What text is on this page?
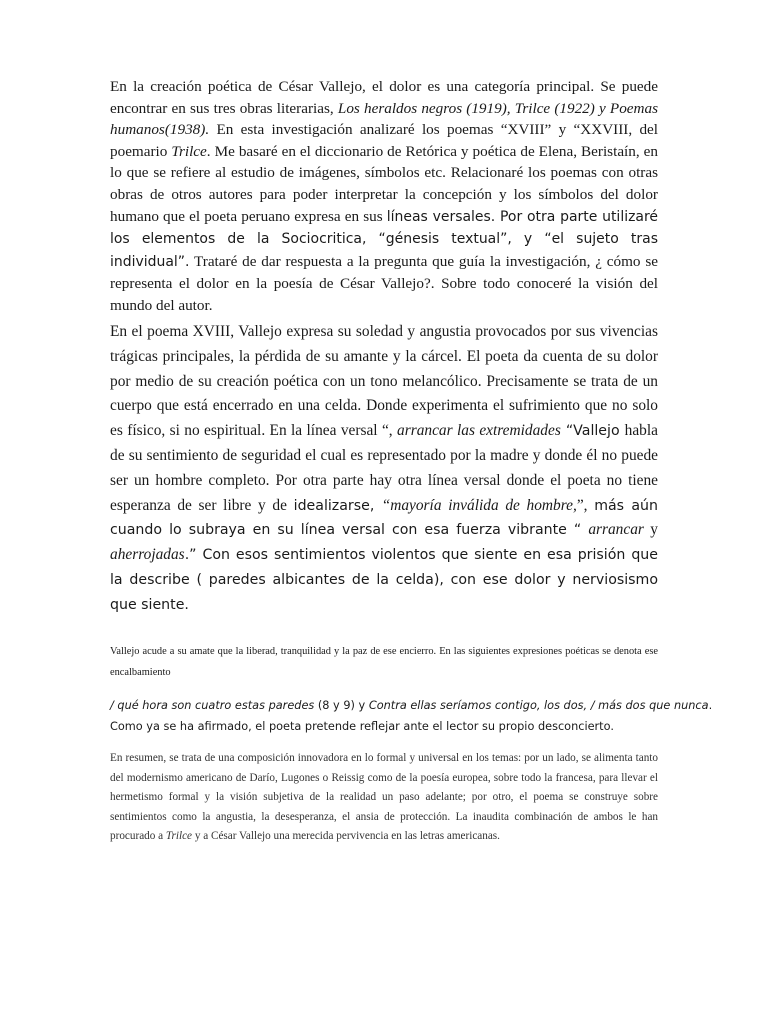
En la creación poética de César Vallejo, el dolor es una categoría principal. Se puede encontrar en sus tres obras literarias, Los heraldos negros (1919), Trilce (1922) y Poemas humanos(1938). En esta investigación analizaré los poemas “XVIII” y “XXVIII, del poemario Trilce. Me basaré en el diccionario de Retórica y poética de Elena, Beristaín, en lo que se refiere al estudio de imágenes, símbolos etc. Relacionaré los poemas con otras obras de otros autores para poder interpretar la concepción y los símbolos del dolor humano que el poeta peruano expresa en sus líneas versales. Por otra parte utilizaré los elementos de la Sociocritica, “génesis textual”, y “el sujeto tras individual”. Trataré de dar respuesta a la pregunta que guía la investigación, ¿ cómo se representa el dolor en la poesía de César Vallejo?. Sobre todo conoceré la visión del mundo del autor.

En el poema XVIII, Vallejo expresa su soledad y angustia provocados por sus vivencias trágicas principales, la pérdida de su amante y la cárcel. El poeta da cuenta de su dolor por medio de su creación poética con un tono melancólico. Precisamente se trata de un cuerpo que está encerrado en una celda. Donde experimenta el sufrimiento que no solo es físico, si no espiritual. En la línea versal “, arrancar las extremidades “Vallejo habla de su sentimiento de seguridad el cual es representado por la madre y donde él no puede ser un hombre completo. Por otra parte hay otra línea versal donde el poeta no tiene esperanza de ser libre y de idealizarse, “mayoría inválida de hombre,”, más aún cuando lo subraya en su línea versal con esa fuerza vibrante “ arrancar y aherrojadas.” Con esos sentimientos violentos que siente en esa prisión que la describe ( paredes albicantes de la celda), con ese dolor y nerviosismo que siente.

Vallejo acude a su amate que la liberad, tranquilidad y la paz de ese encierro. En las siguientes expresiones poéticas se denota ese encalbamiento

/ qué hora son cuatro estas paredes (8 y 9) y Contra ellas seríamos contigo, los dos, / más dos que nunca.
Como ya se ha afirmado, el poeta pretende reflejar ante el lector su propio desconcierto.

En resumen, se trata de una composición innovadora en lo formal y universal en los temas: por un lado, se alimenta tanto del modernismo americano de Darío, Lugones o Reissig como de la poesía europea, sobre todo la francesa, para llevar el hermetismo formal y la visión subjetiva de la realidad un paso adelante; por otro, el poema se construye sobre sentimientos como la angustia, la desesperanza, el ansia de protección. La inaudita combinación de ambos le han procurado a Trilce y a César Vallejo una merecida pervivencia en las letras americanas.
